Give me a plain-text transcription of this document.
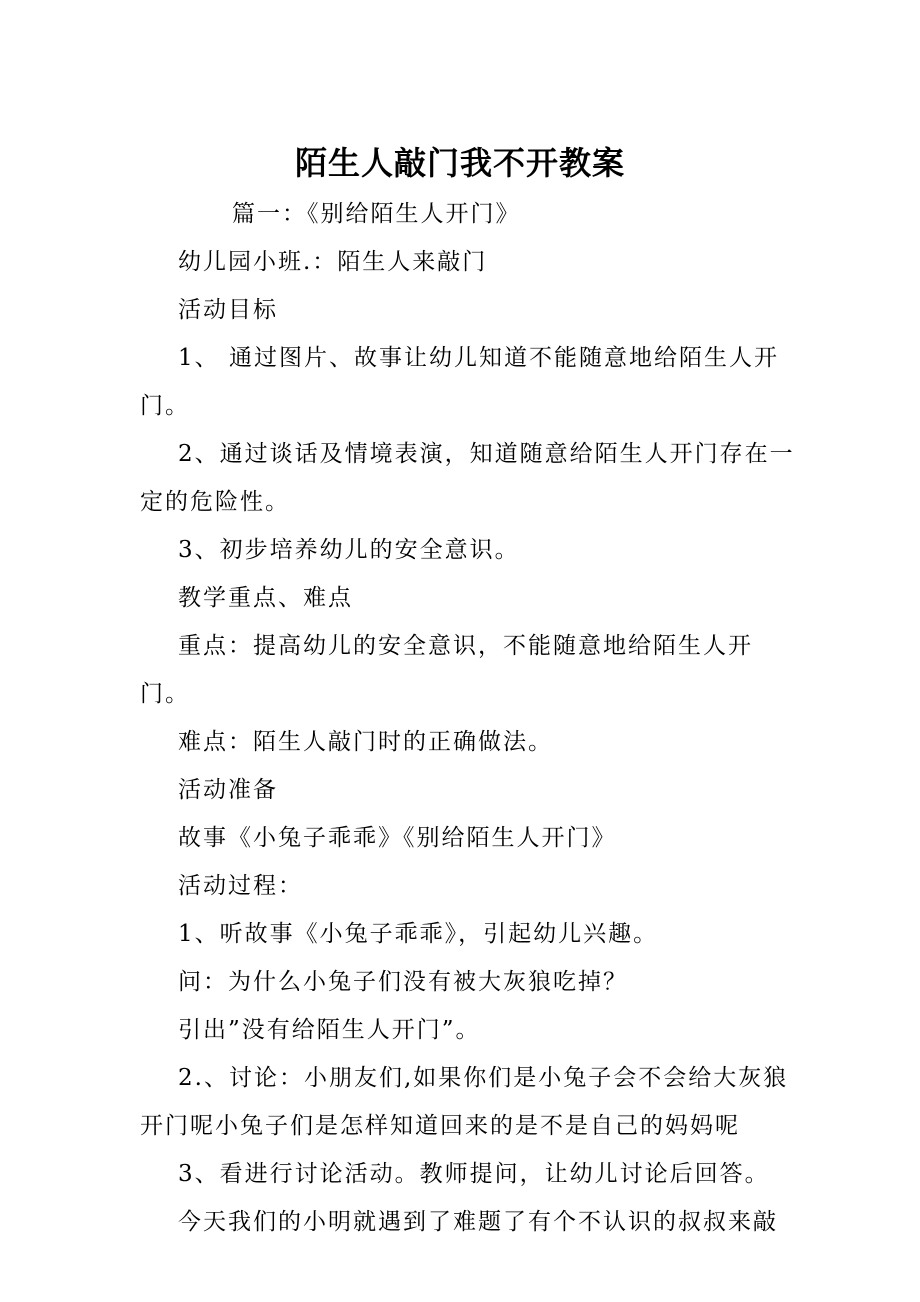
陌生人敲门我不开教案

篇一：《别给陌生人开门》

幼儿园小班.：陌生人来敲门

活动目标

1、 通过图片、故事让幼儿知道不能随意地给陌生人开门。

2、通过谈话及情境表演，知道随意给陌生人开门存在一定的危险性。

3、初步培养幼儿的安全意识。

教学重点、难点

重点：提高幼儿的安全意识，不能随意地给陌生人开门。

难点：陌生人敲门时的正确做法。

活动准备

故事《小兔子乖乖》《别给陌生人开门》

活动过程：

1、听故事《小兔子乖乖》，引起幼儿兴趣。

问：为什么小兔子们没有被大灰狼吃掉？

引出”没有给陌生人开门”。

2.、讨论：小朋友们,如果你们是小兔子会不会给大灰狼开门呢小兔子们是怎样知道回来的是不是自己的妈妈呢

3、看进行讨论活动。教师提问，让幼儿讨论后回答。

今天我们的小明就遇到了难题了有个不认识的叔叔来敲
